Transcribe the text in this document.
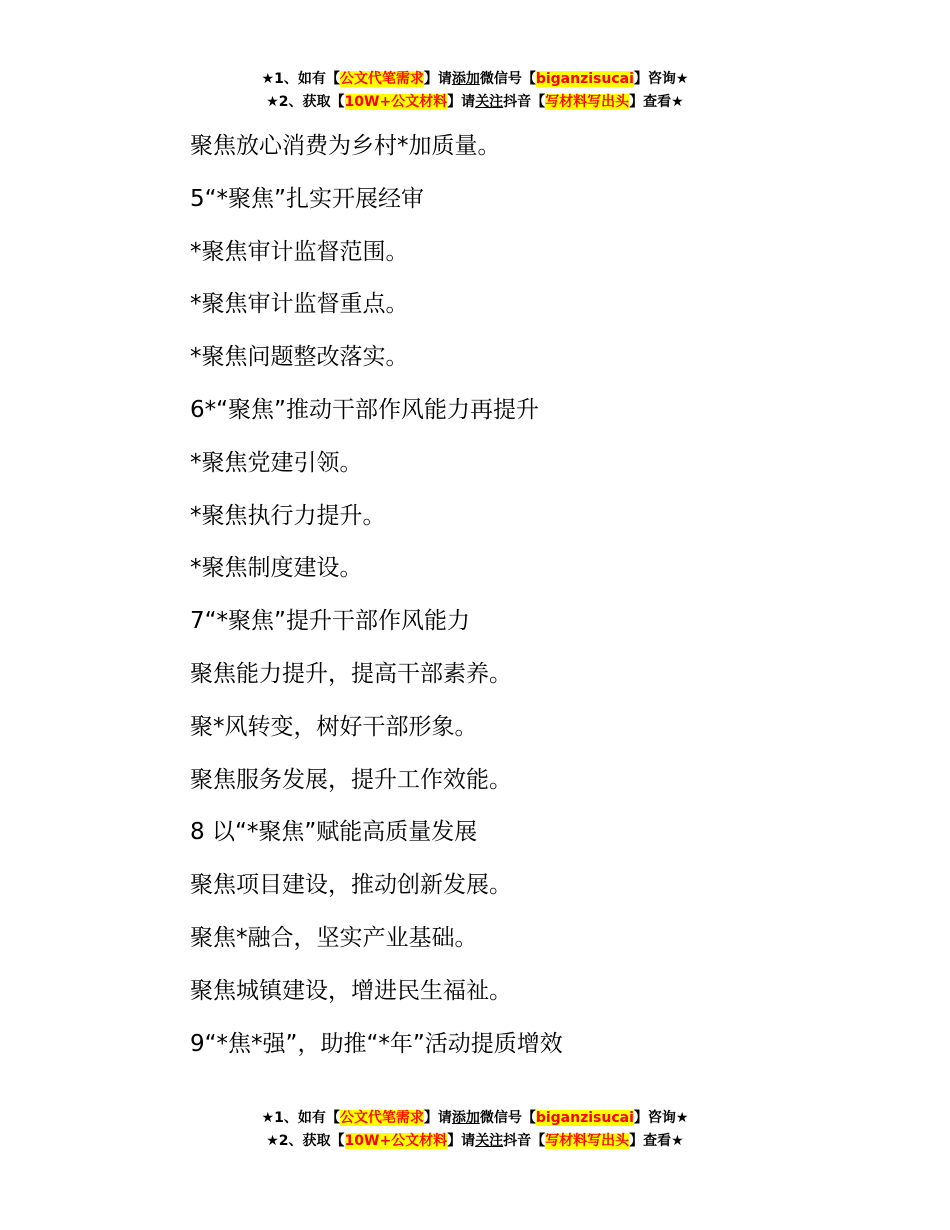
★1、如有【公文代笔需求】请添加微信号【biganzisucai】咨询★
★2、获取【10W+公文材料】请关注抖音【写材料写出头】查看★
聚焦放心消费为乡村*加质量。
5“*聚焦”扎实开展经审
*聚焦审计监督范围。
*聚焦审计监督重点。
*聚焦问题整改落实。
6*“聚焦”推动干部作风能力再提升
*聚焦党建引领。
*聚焦执行力提升。
*聚焦制度建设。
7“*聚焦”提升干部作风能力
聚焦能力提升，提高干部素养。
聚*风转变，树好干部形象。
聚焦服务发展，提升工作效能。
8 以“*聚焦”赋能高质量发展
聚焦项目建设，推动创新发展。
聚焦*融合，坚实产业基础。
聚焦城镇建设，增进民生福祉。
9“*焦*强”，助推“*年”活动提质增效
★1、如有【公文代笔需求】请添加微信号【biganzisucai】咨询★
★2、获取【10W+公文材料】请关注抖音【写材料写出头】查看★
